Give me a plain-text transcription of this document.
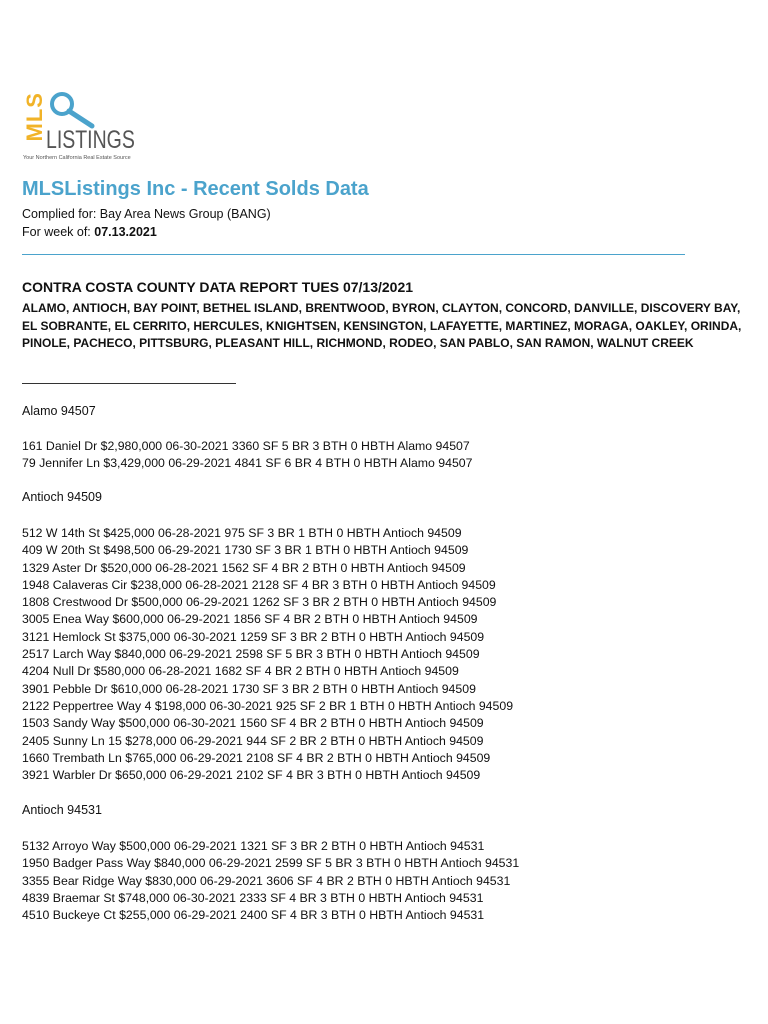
MLS LISTINGS
Your Northern California Real Estate Source
MLSListings Inc - Recent Solds Data
Complied for: Bay Area News Group (BANG)
For week of: 07.13.2021
CONTRA COSTA COUNTY DATA REPORT TUES 07/13/2021

ALAMO, ANTIOCH, BAY POINT, BETHEL ISLAND, BRENTWOOD, BYRON, CLAYTON, CONCORD, DANVILLE, DISCOVERY BAY, EL SOBRANTE, EL CERRITO, HERCULES, KNIGHTSEN, KENSINGTON, LAFAYETTE, MARTINEZ, MORAGA, OAKLEY, ORINDA, PINOLE, PACHECO, PITTSBURG, PLEASANT HILL, RICHMOND, RODEO, SAN PABLO, SAN RAMON, WALNUT CREEK

Alamo 94507
161 Daniel Dr $2,980,000 06-30-2021 3360 SF 5 BR 3 BTH 0 HBTH Alamo 94507
79 Jennifer Ln $3,429,000 06-29-2021 4841 SF 6 BR 4 BTH 0 HBTH Alamo 94507
Antioch 94509
512 W 14th St $425,000 06-28-2021 975 SF 3 BR 1 BTH 0 HBTH Antioch 94509
409 W 20th St $498,500 06-29-2021 1730 SF 3 BR 1 BTH 0 HBTH Antioch 94509
1329 Aster Dr $520,000 06-28-2021 1562 SF 4 BR 2 BTH 0 HBTH Antioch 94509
1948 Calaveras Cir $238,000 06-28-2021 2128 SF 4 BR 3 BTH 0 HBTH Antioch 94509
1808 Crestwood Dr $500,000 06-29-2021 1262 SF 3 BR 2 BTH 0 HBTH Antioch 94509
3005 Enea Way $600,000 06-29-2021 1856 SF 4 BR 2 BTH 0 HBTH Antioch 94509
3121 Hemlock St $375,000 06-30-2021 1259 SF 3 BR 2 BTH 0 HBTH Antioch 94509
2517 Larch Way $840,000 06-29-2021 2598 SF 5 BR 3 BTH 0 HBTH Antioch 94509
4204 Null Dr $580,000 06-28-2021 1682 SF 4 BR 2 BTH 0 HBTH Antioch 94509
3901 Pebble Dr $610,000 06-28-2021 1730 SF 3 BR 2 BTH 0 HBTH Antioch 94509
2122 Peppertree Way 4 $198,000 06-30-2021 925 SF 2 BR 1 BTH 0 HBTH Antioch 94509
1503 Sandy Way $500,000 06-30-2021 1560 SF 4 BR 2 BTH 0 HBTH Antioch 94509
2405 Sunny Ln 15 $278,000 06-29-2021 944 SF 2 BR 2 BTH 0 HBTH Antioch 94509
1660 Trembath Ln $765,000 06-29-2021 2108 SF 4 BR 2 BTH 0 HBTH Antioch 94509
3921 Warbler Dr $650,000 06-29-2021 2102 SF 4 BR 3 BTH 0 HBTH Antioch 94509
Antioch 94531
5132 Arroyo Way $500,000 06-29-2021 1321 SF 3 BR 2 BTH 0 HBTH Antioch 94531
1950 Badger Pass Way $840,000 06-29-2021 2599 SF 5 BR 3 BTH 0 HBTH Antioch 94531
3355 Bear Ridge Way $830,000 06-29-2021 3606 SF 4 BR 2 BTH 0 HBTH Antioch 94531
4839 Braemar St $748,000 06-30-2021 2333 SF 4 BR 3 BTH 0 HBTH Antioch 94531
4510 Buckeye Ct $255,000 06-29-2021 2400 SF 4 BR 3 BTH 0 HBTH Antioch 94531
